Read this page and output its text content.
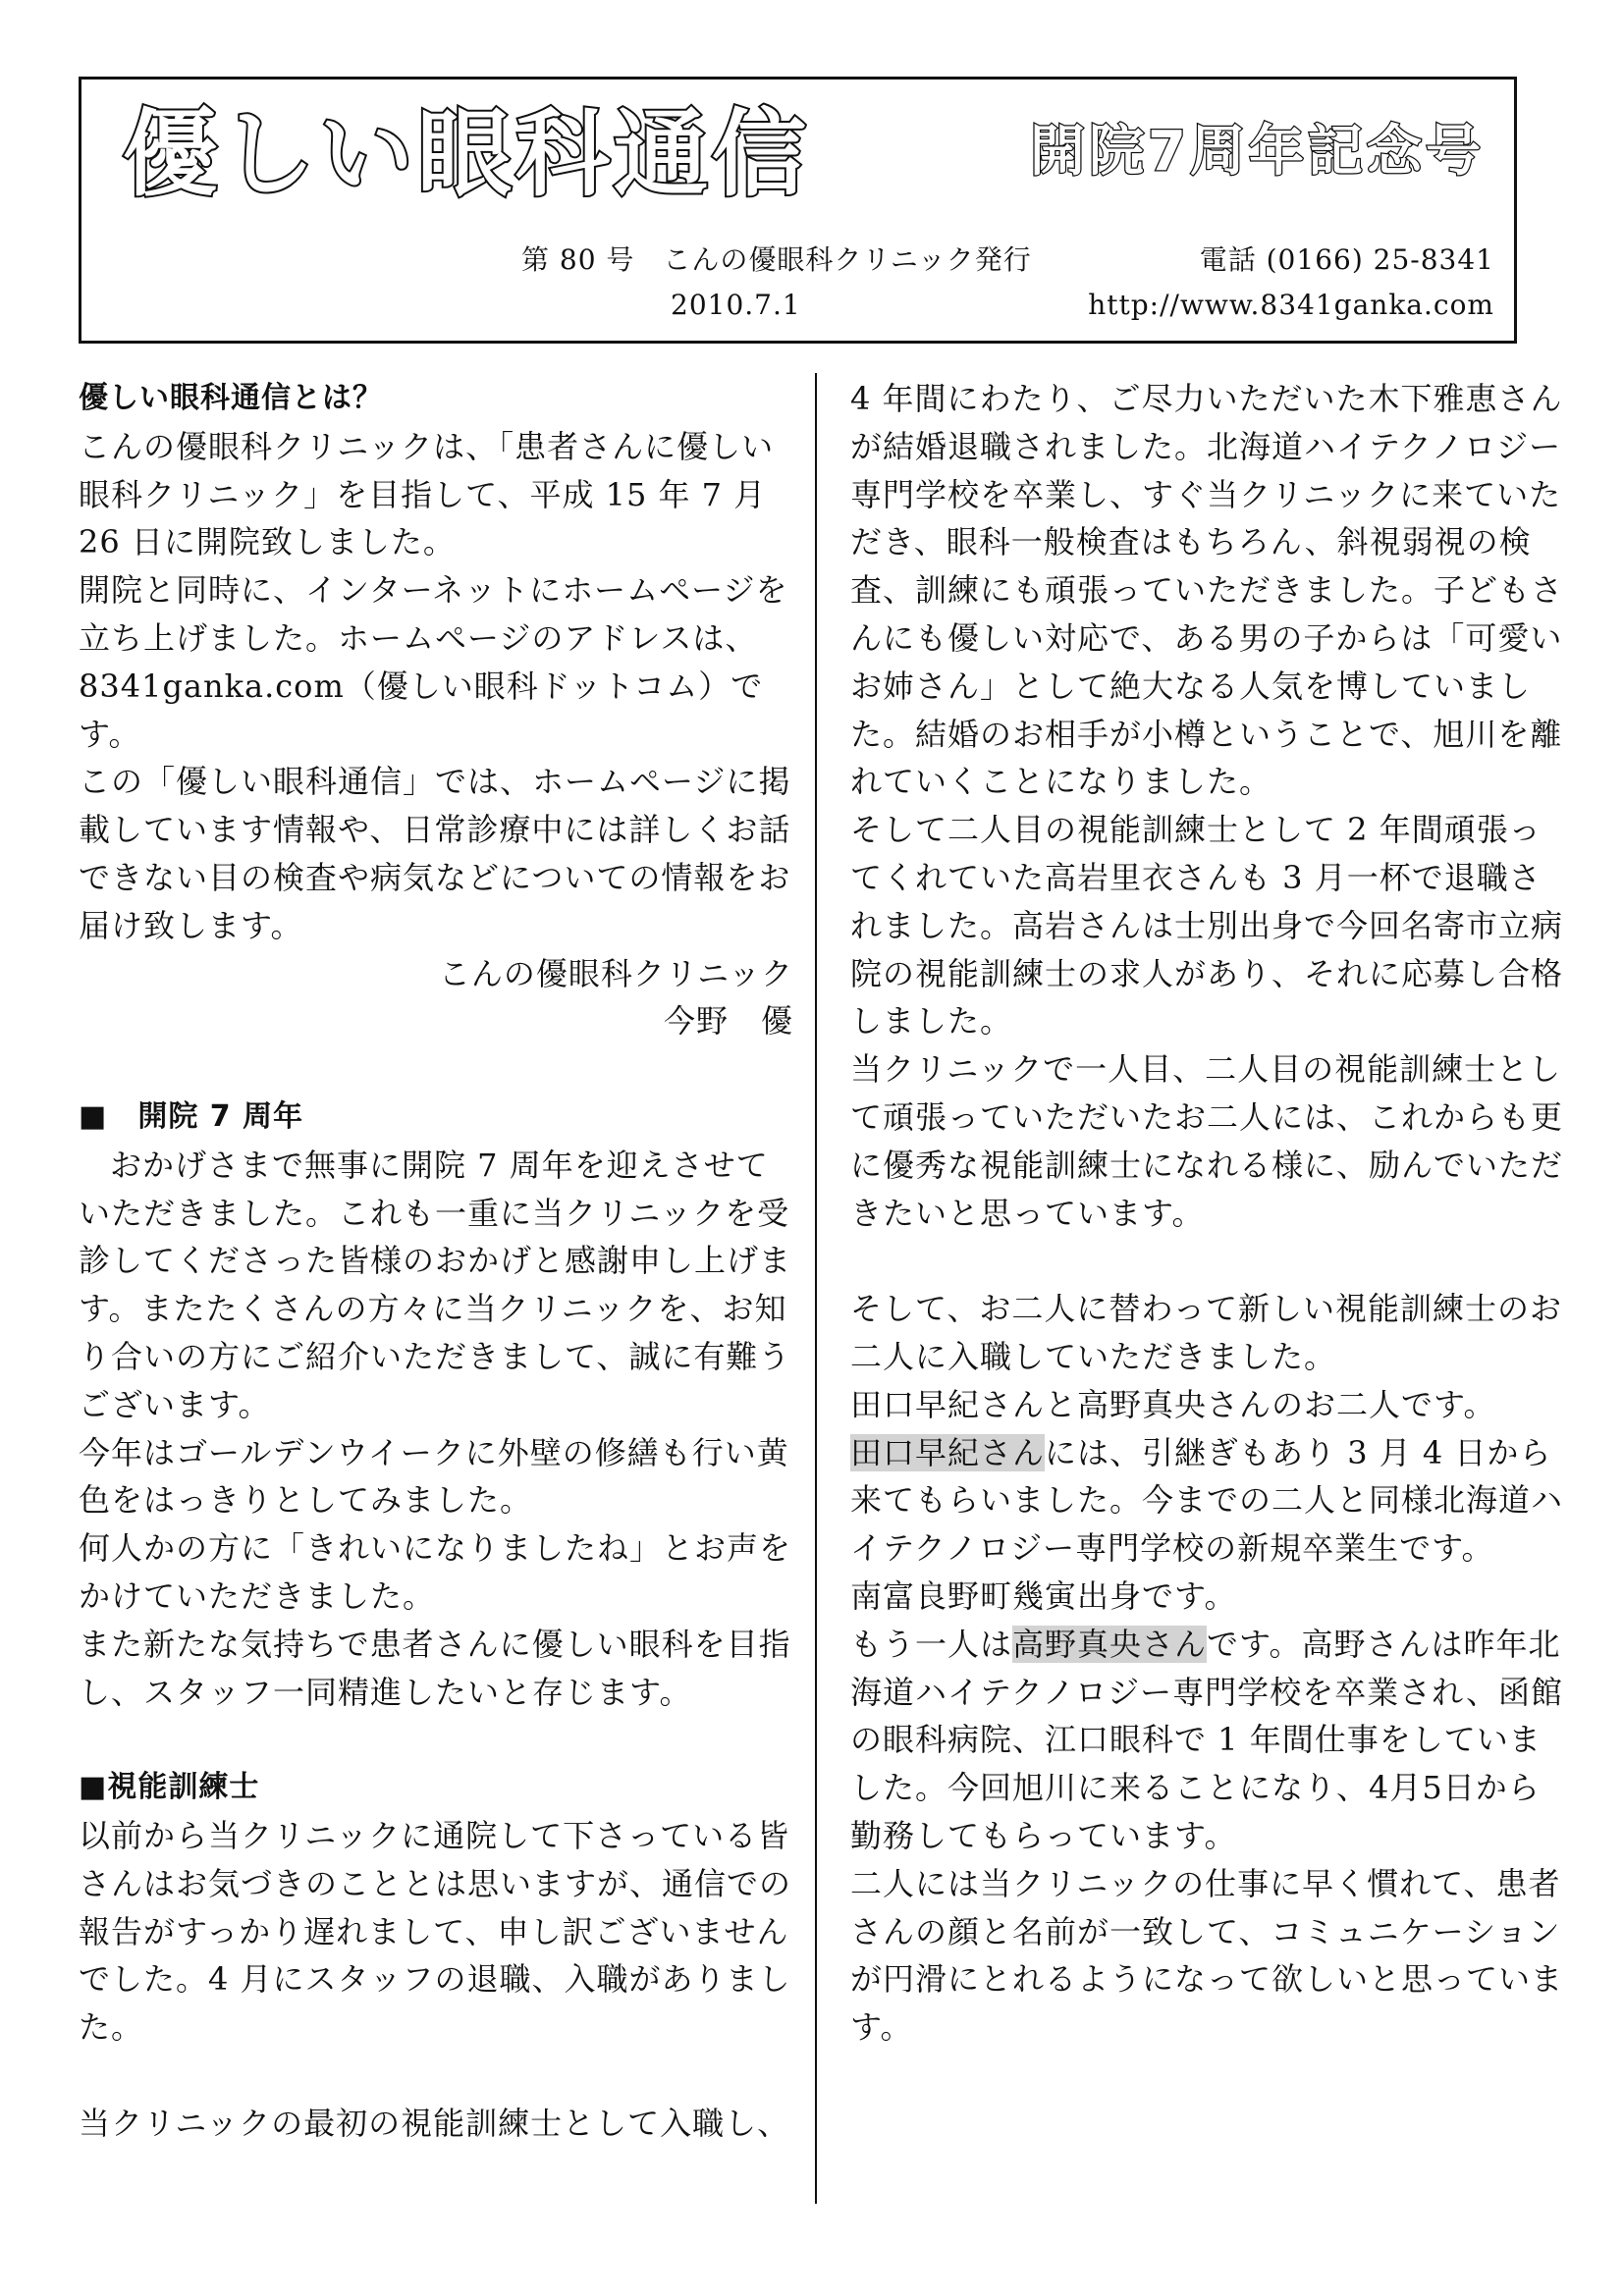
優しい眼科通信	開院7周年記念号
第 80 号　こんの優眼科クリニック発行	電話 (0166) 25-8341
2010.7.1	http://www.8341ganka.com

優しい眼科通信とは？

こんの優眼科クリニックは、「患者さんに優しい眼科クリニック」を目指して、平成 15 年 7 月 26 日に開院致しました。

開院と同時に、インターネットにホームページを立ち上げました。ホームページのアドレスは、8341ganka.com（優しい眼科ドットコム）です。

この「優しい眼科通信」では、ホームページに掲載しています情報や、日常診療中には詳しくお話できない目の検査や病気などについての情報をお届け致します。

こんの優眼科クリニック

今野　優

■　開院 7 周年

おかげさまで無事に開院 7 周年を迎えさせていただきました。これも一重に当クリニックを受診してくださった皆様のおかげと感謝申し上げます。またたくさんの方々に当クリニックを、お知り合いの方にご紹介いただきまして、誠に有難うございます。

今年はゴールデンウイークに外壁の修繕も行い黄色をはっきりとしてみました。

何人かの方に「きれいになりましたね」とお声をかけていただきました。

また新たな気持ちで患者さんに優しい眼科を目指し、スタッフ一同精進したいと存じます。

■視能訓練士

以前から当クリニックに通院して下さっている皆さんはお気づきのこととは思いますが、通信での報告がすっかり遅れまして、申し訳ございませんでした。4 月にスタッフの退職、入職がありました。

当クリニックの最初の視能訓練士として入職し、

4 年間にわたり、ご尽力いただいた木下雅恵さんが結婚退職されました。北海道ハイテクノロジー専門学校を卒業し、すぐ当クリニックに来ていただき、眼科一般検査はもちろん、斜視弱視の検査、訓練にも頑張っていただきました。子どもさんにも優しい対応で、ある男の子からは「可愛いお姉さん」として絶大なる人気を博していました。結婚のお相手が小樽ということで、旭川を離れていくことになりました。

そして二人目の視能訓練士として 2 年間頑張ってくれていた高岩里衣さんも 3 月一杯で退職されました。高岩さんは士別出身で今回名寄市立病院の視能訓練士の求人があり、それに応募し合格しました。

当クリニックで一人目、二人目の視能訓練士として頑張っていただいたお二人には、これからも更に優秀な視能訓練士になれる様に、励んでいただきたいと思っています。

そして、お二人に替わって新しい視能訓練士のお二人に入職していただきました。

田口早紀さんと高野真央さんのお二人です。

田口早紀さんには、引継ぎもあり 3 月 4 日から来てもらいました。今までの二人と同様北海道ハイテクノロジー専門学校の新規卒業生です。

南富良野町幾寅出身です。

もう一人は高野真央さんです。高野さんは昨年北海道ハイテクノロジー専門学校を卒業され、函館の眼科病院、江口眼科で 1 年間仕事をしていました。今回旭川に来ることになり、4月5日から勤務してもらっています。

二人には当クリニックの仕事に早く慣れて、患者さんの顔と名前が一致して、コミュニケーションが円滑にとれるようになって欲しいと思っています。
